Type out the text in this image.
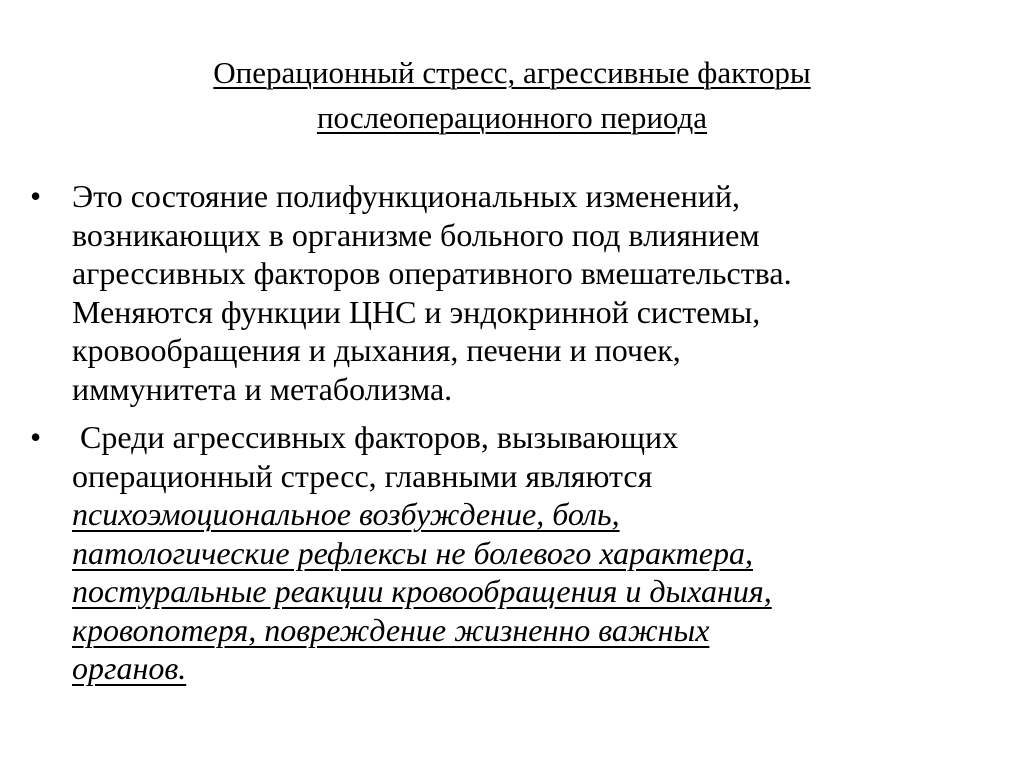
Операционный стресс, агрессивные факторы
послеоперационного периода
• Это состояние полифункциональных изменений,
возникающих в организме больного под влиянием
агрессивных факторов оперативного вмешательства.
Меняются функции ЦНС и эндокринной системы,
кровообращения и дыхания, печени и почек,
иммунитета и метаболизма.
• Среди агрессивных факторов, вызывающих
операционный стресс, главными являются
психоэмоциональное возбуждение, боль,
патологические рефлексы не болевого характера,
постуральные реакции кровообращения и дыхания,
кровопотеря, повреждение жизненно важных
органов.
